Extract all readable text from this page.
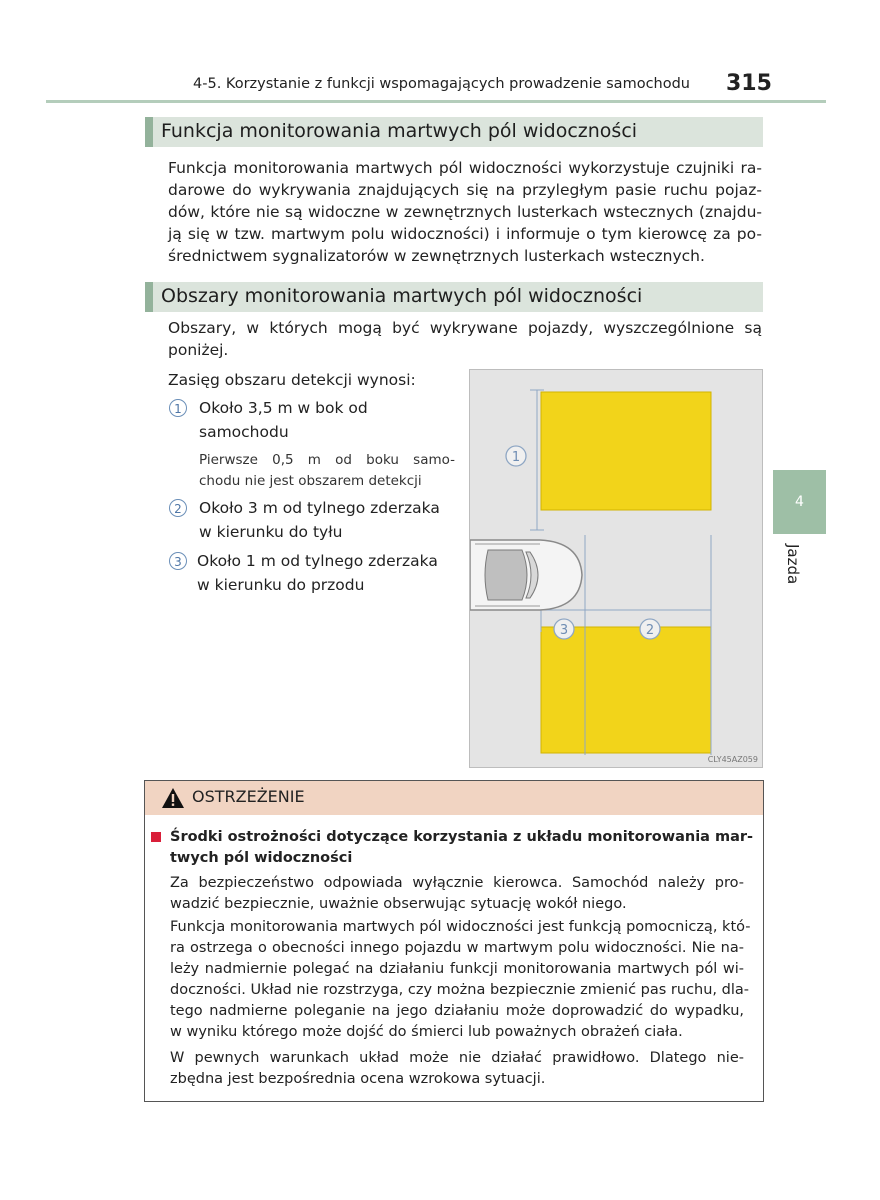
4-5. Korzystanie z funkcji wspomagających prowadzenie samochodu 315
Funkcja monitorowania martwych pól widoczności
Funkcja monitorowania martwych pól widoczności wykorzystuje czujniki ra-
darowe do wykrywania znajdujących się na przyległym pasie ruchu pojaz-
dów, które nie są widoczne w zewnętrznych lusterkach wstecznych (znajdu-
ją się w tzw. martwym polu widoczności) i informuje o tym kierowcę za po-
średnictwem sygnalizatorów w zewnętrznych lusterkach wstecznych.
Obszary monitorowania martwych pól widoczności
Obszary, w których mogą być wykrywane pojazdy, wyszczególnione są
poniżej.
Zasięg obszaru detekcji wynosi:
1	Około 3,5 m w bok od
samochodu
Pierwsze 0,5 m od boku samo-
chodu nie jest obszarem detekcji
2	Około 3 m od tylnego zderzaka
w kierunku do tyłu
3 Około 1 m od tylnego zderzaka
w kierunku do przodu
1
2
3
CLY45AZ059
OSTRZEŻENIE
Środki ostrożności dotyczące korzystania z układu monitorowania mar-
twych pól widoczności
Za bezpieczeństwo odpowiada wyłącznie kierowca. Samochód należy pro-
wadzić bezpiecznie, uważnie obserwując sytuację wokół niego.
Funkcja monitorowania martwych pól widoczności jest funkcją pomocniczą, któ-
ra ostrzega o obecności innego pojazdu w martwym polu widoczności. Nie na-
leży nadmiernie polegać na działaniu funkcji monitorowania martwych pól wi-
doczności. Układ nie rozstrzyga, czy można bezpiecznie zmienić pas ruchu, dla-
tego nadmierne poleganie na jego działaniu może doprowadzić do wypadku,
w wyniku którego może dojść do śmierci lub poważnych obrażeń ciała.
W pewnych warunkach układ może nie działać prawidłowo. Dlatego nie-
zbędna jest bezpośrednia ocena wzrokowa sytuacji.
4
Jazda
